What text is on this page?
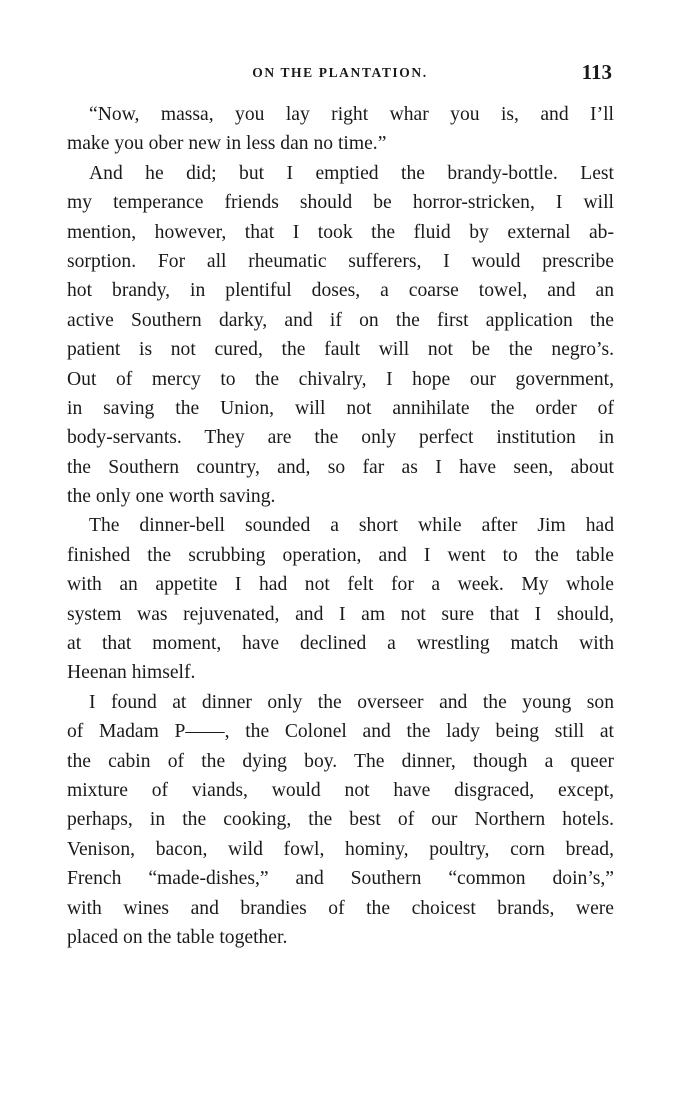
ON THE PLANTATION.	113
“Now, massa, you lay right whar you is, and I’ll
make you ober new in less dan no time.”
And he did; but I emptied the brandy-bottle. Lest
my temperance friends should be horror-stricken, I will
mention, however, that I took the fluid by external ab-
sorption. For all rheumatic sufferers, I would prescribe
hot brandy, in plentiful doses, a coarse towel, and an
active Southern darky, and if on the first application the
patient is not cured, the fault will not be the negro’s.
Out of mercy to the chivalry, I hope our government,
in saving the Union, will not annihilate the order of
body-servants. They are the only perfect institution in
the Southern country, and, so far as I have seen, about
the only one worth saving.
The dinner-bell sounded a short while after Jim had
finished the scrubbing operation, and I went to the table
with an appetite I had not felt for a week. My whole
system was rejuvenated, and I am not sure that I should,
at that moment, have declined a wrestling match with
Heenan himself.
I found at dinner only the overseer and the young son
of Madam P——, the Colonel and the lady being still at
the cabin of the dying boy. The dinner, though a queer
mixture of viands, would not have disgraced, except,
perhaps, in the cooking, the best of our Northern hotels.
Venison, bacon, wild fowl, hominy, poultry, corn bread,
French “made-dishes,” and Southern “common doin’s,”
with wines and brandies of the choicest brands, were
placed on the table together.
